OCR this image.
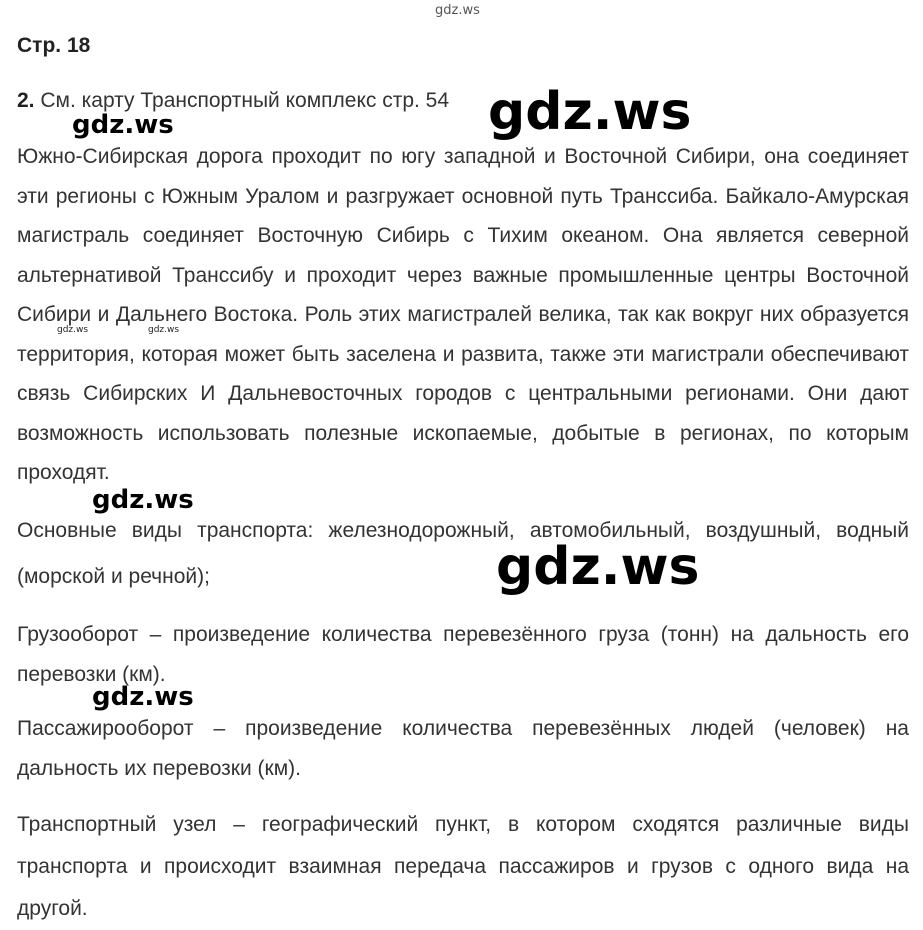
gdz.ws
Стр. 18
2. См. карту Транспортный комплекс стр. 54

Южно-Сибирская дорога проходит по югу западной и Восточной Сибири, она соединяет эти регионы с Южным Уралом и разгружает основной путь Транссиба. Байкало-Амурская магистраль соединяет Восточную Сибирь с Тихим океаном. Она является северной альтернативой Транссибу и проходит через важные промышленные центры Восточной Сибири и Дальнего Востока. Роль этих магистралей велика, так как вокруг них образуется территория, которая может быть заселена и развита, также эти магистрали обеспечивают связь Сибирских И Дальневосточных городов с центральными регионами. Они дают возможность использовать полезные ископаемые, добытые в регионах, по которым проходят.

Основные виды транспорта: железнодорожный, автомобильный, воздушный, водный (морской и речной);

Грузооборот – произведение количества перевезённого груза (тонн) на дальность его перевозки (км).

Пассажирооборот – произведение количества перевезённых людей (человек) на дальность их перевозки (км).

Транспортный узел – географический пункт, в котором сходятся различные виды транспорта и происходит взаимная передача пассажиров и грузов с одного вида на другой.

gdz.ws
gdz.ws
gdz.ws	gdz.ws
gdz.ws
gdz.ws
gdz.ws
